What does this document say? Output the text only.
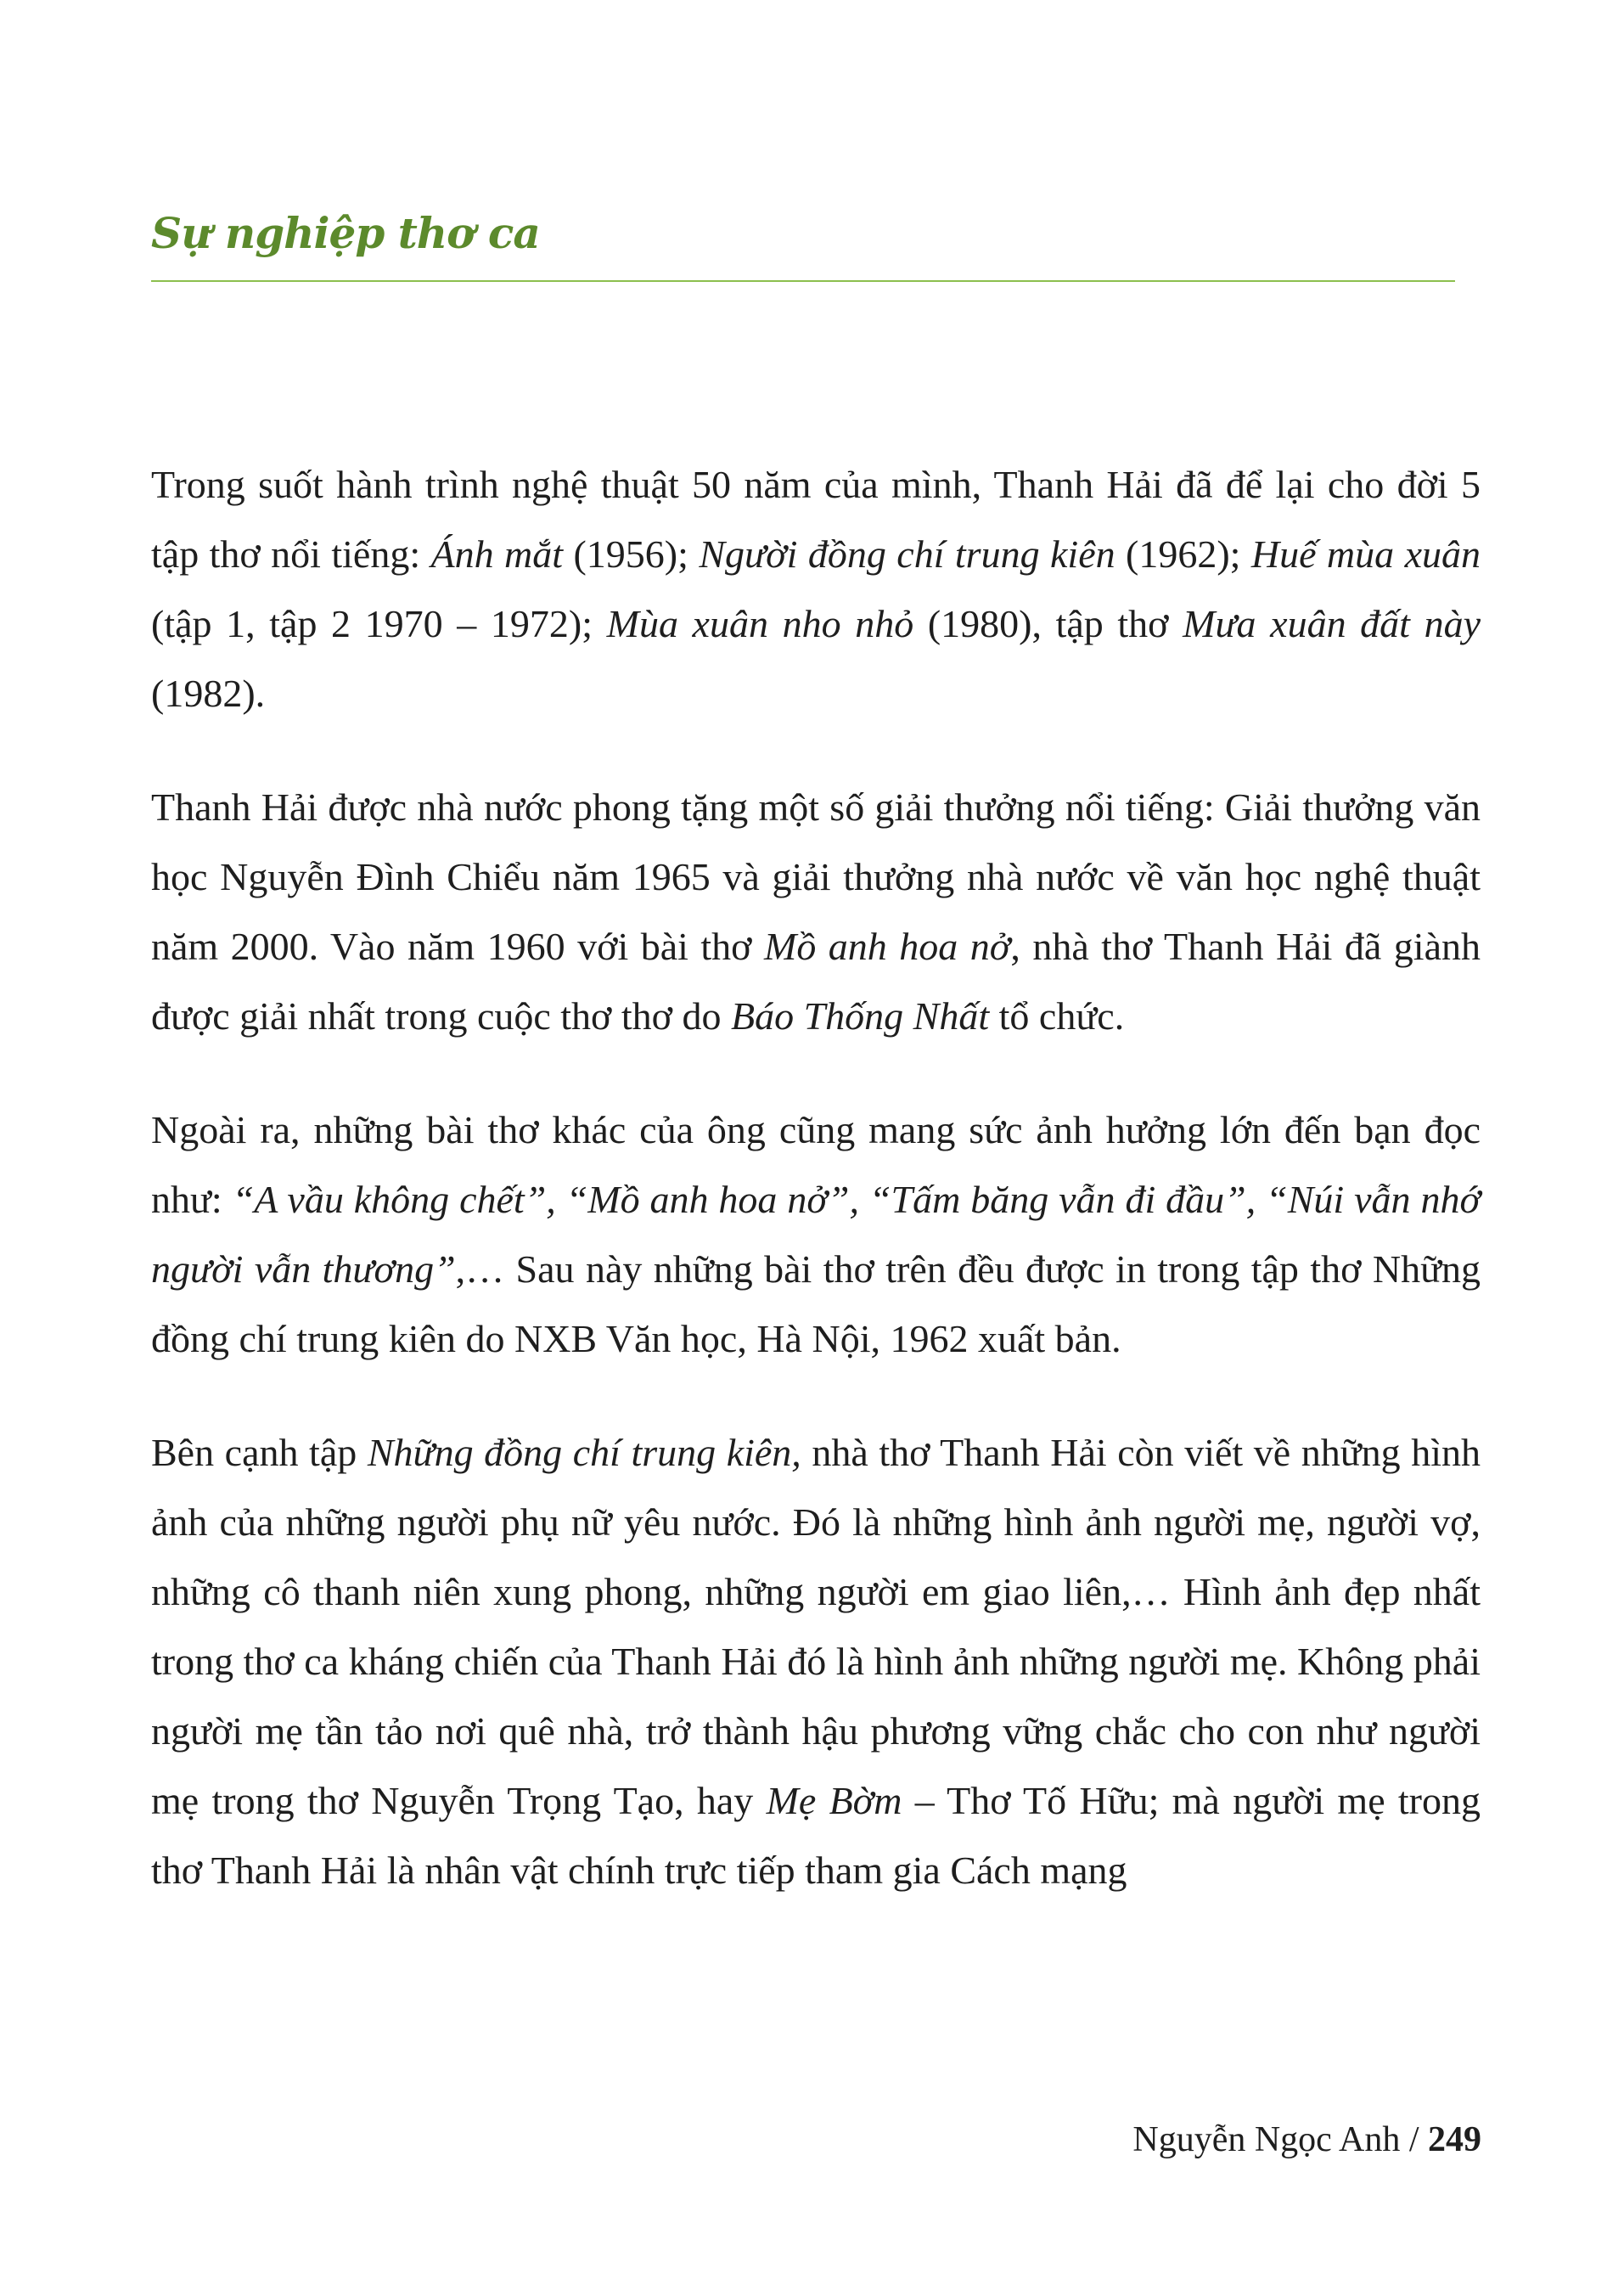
Sự nghiệp thơ ca

Trong suốt hành trình nghệ thuật 50 năm của mình, Thanh Hải đã để lại cho đời 5 tập thơ nổi tiếng: Ánh mắt (1956); Người đồng chí trung kiên (1962); Huế mùa xuân (tập 1, tập 2 1970 – 1972); Mùa xuân nho nhỏ (1980), tập thơ Mưa xuân đất này (1982).

Thanh Hải được nhà nước phong tặng một số giải thưởng nổi tiếng: Giải thưởng văn học Nguyễn Đình Chiểu năm 1965 và giải thưởng nhà nước về văn học nghệ thuật năm 2000. Vào năm 1960 với bài thơ Mồ anh hoa nở, nhà thơ Thanh Hải đã giành được giải nhất trong cuộc thơ thơ do Báo Thống Nhất tổ chức.

Ngoài ra, những bài thơ khác của ông cũng mang sức ảnh hưởng lớn đến bạn đọc như: “A vầu không chết”, “Mồ anh hoa nở”, “Tấm băng vẫn đi đầu”, “Núi vẫn nhớ người vẫn thương”,… Sau này những bài thơ trên đều được in trong tập thơ Những đồng chí trung kiên do NXB Văn học, Hà Nội, 1962 xuất bản.

Bên cạnh tập Những đồng chí trung kiên, nhà thơ Thanh Hải còn viết về những hình ảnh của những người phụ nữ yêu nước. Đó là những hình ảnh người mẹ, người vợ, những cô thanh niên xung phong, những người em giao liên,… Hình ảnh đẹp nhất trong thơ ca kháng chiến của Thanh Hải đó là hình ảnh những người mẹ. Không phải người mẹ tần tảo nơi quê nhà, trở thành hậu phương vững chắc cho con như người mẹ trong thơ Nguyễn Trọng Tạo, hay Mẹ Bờm – Thơ Tố Hữu; mà người mẹ trong thơ Thanh Hải là nhân vật chính trực tiếp tham gia Cách mạng

Nguyễn Ngọc Anh / 249
